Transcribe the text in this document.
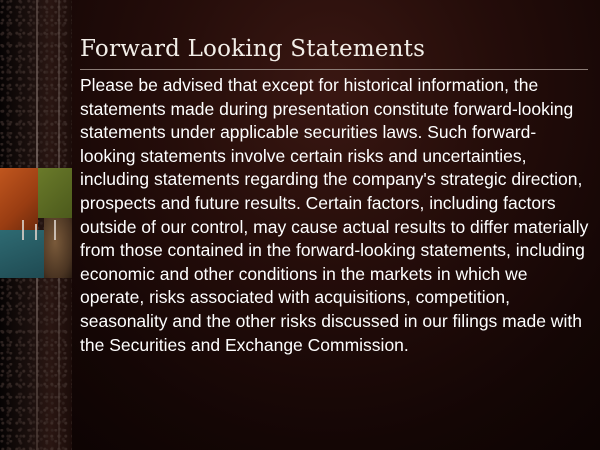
Forward Looking Statements

Please be advised that except for historical information, the statements made during presentation constitute forward-looking statements under applicable securities laws. Such forward-looking statements involve certain risks and uncertainties, including statements regarding the company's strategic direction, prospects and future results. Certain factors, including factors outside of our control, may cause actual results to differ materially from those contained in the forward-looking statements, including economic and other conditions in the markets in which we operate, risks associated with acquisitions, competition, seasonality and the other risks discussed in our filings made with the Securities and Exchange Commission.
